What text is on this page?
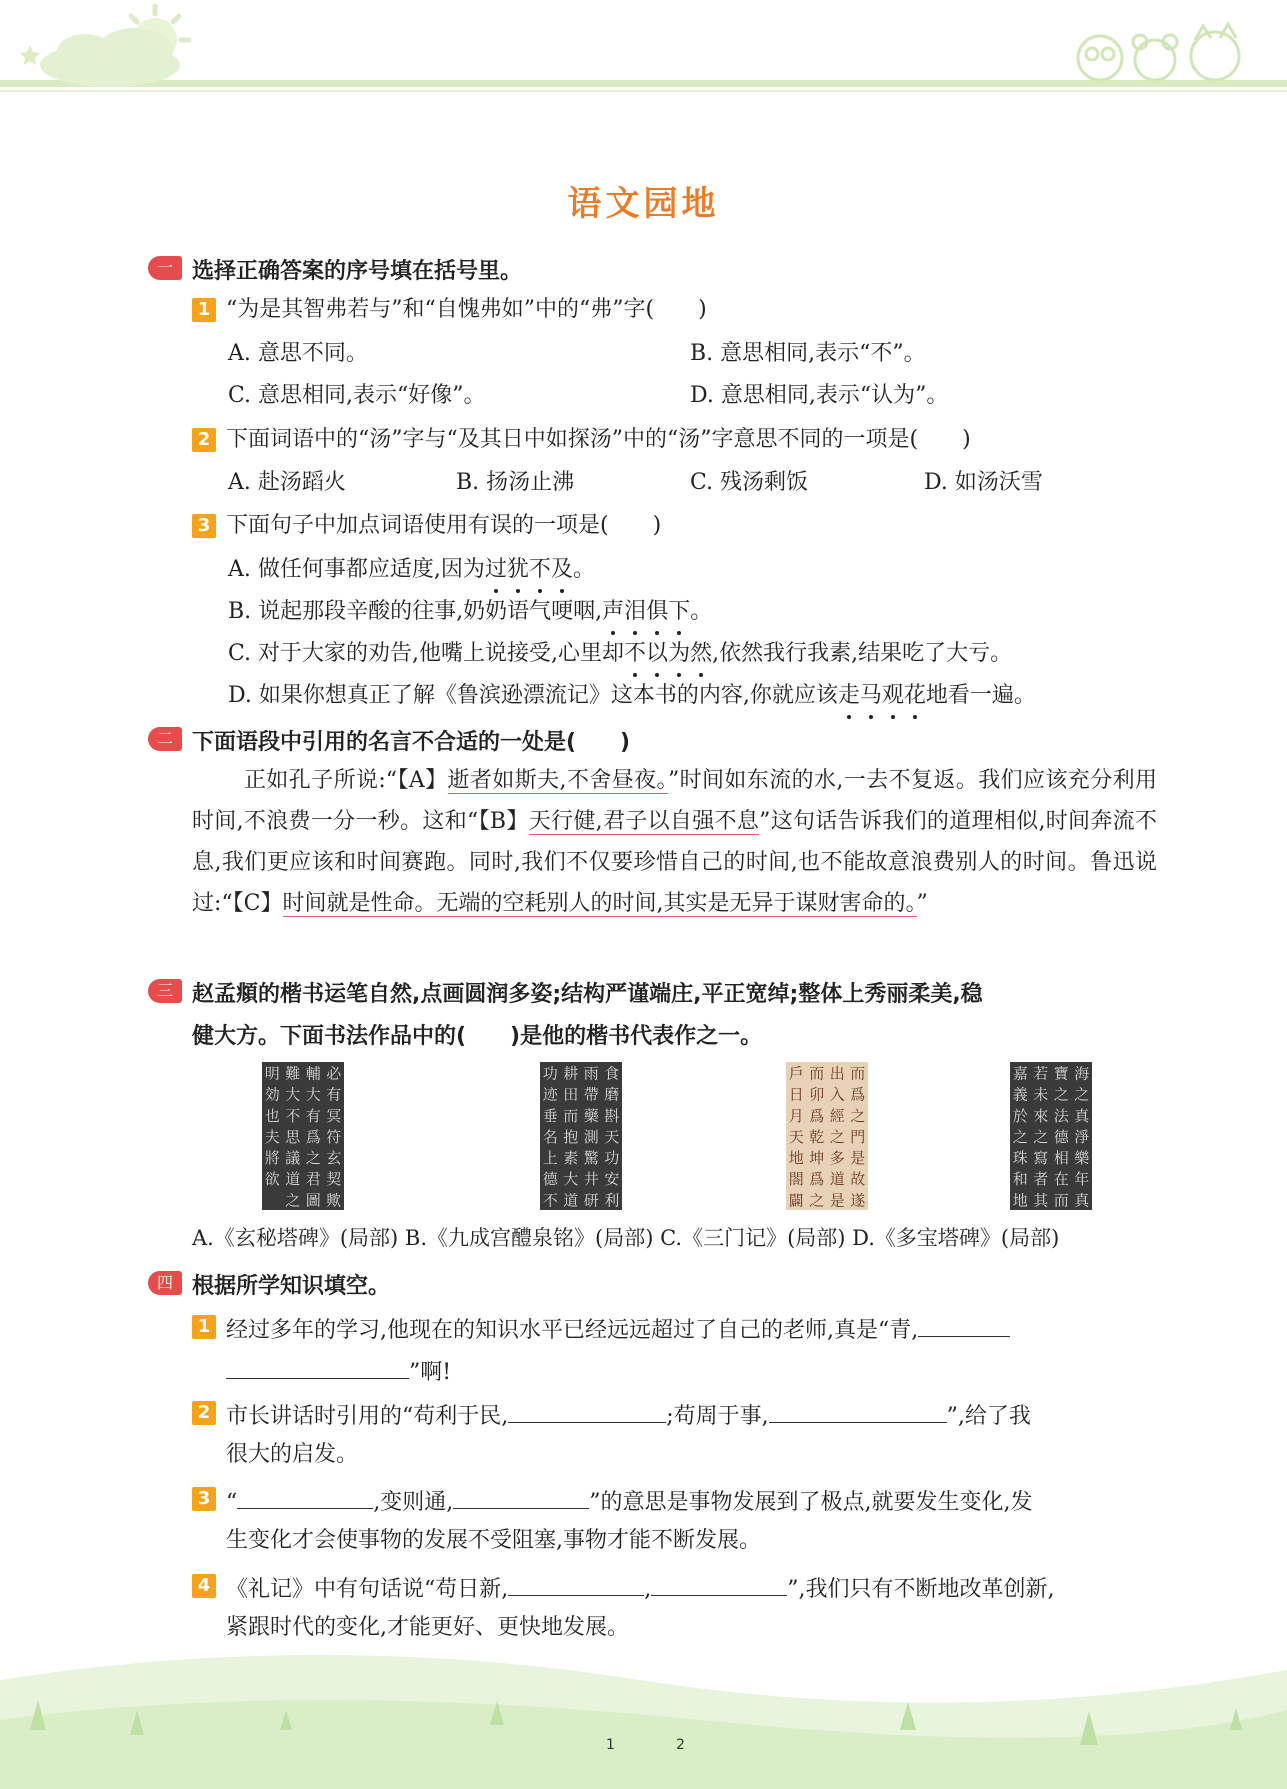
语文园地
一 选择正确答案的序号填在括号里。
1 “为是其智弗若与”和“自愧弗如”中的“弗”字(　　)
A. 意思不同。	B. 意思相同,表示“不”。
C. 意思相同,表示“好像”。	D. 意思相同,表示“认为”。
2 下面词语中的“汤”字与“及其日中如探汤”中的“汤”字意思不同的一项是(　　)
A. 赴汤蹈火	B. 扬汤止沸	C. 残汤剩饭	D. 如汤沃雪
3 下面句子中加点词语使用有误的一项是(　　)
A. 做任何事都应适度,因为过
犹
不
及
。
B. 说起那段辛酸的往事,奶奶语气哽咽,声
泪
俱
下
。
C. 对于大家的劝告,他嘴上说接受,心里却不
以
为
然
,依然我行我素,结果吃了大亏。
D. 如果你想真正了解《鲁滨逊漂流记》这本书的内容,你就应该走
马
观
花
地看一遍。
二 下面语段中引用的名言不合适的一处是(　　)
正如孔子所说:“【A】逝者如斯夫,不舍昼夜。”时间如东流的水,一去不复返。我们应该充分利用时间,不浪费一分一秒。这和“【B】天行健,君子以自强不息”这句话告诉我们的道理相似,时间奔流不息,我们更应该和时间赛跑。同时,我们不仅要珍惜自己的时间,也不能故意浪费别人的时间。鲁迅说过:“【C】时间就是性命。无端的空耗别人的时间,其实是无异于谋财害命的。”
三 赵孟頫的楷书运笔自然,点画圆润多姿;结构严谨端庄,平正宽绰;整体上秀丽柔美,稳
健大方。下面书法作品中的(　　)是他的楷书代表作之一。
必
有
冥
符
玄
契
歟
輔
大
有
爲
之
君
圖
難
大
不
思
議
道
之
明
効
也
夫
將
欲
食
磨
斟
天
功
安
利
雨
帶
藥
測
驚
井
研
耕
田
而
抱
素
大
道
功
迹
垂
名
上
德
不
而
爲
之
門
是
故
遂
出
入
經
之
多
道
是
而
卯
爲
乾
坤
爲
之
戶
日
月
天
地
閤
闢
海
之
真
淨
樂
年
真
寶
之
法
德
相
在
而
若
未
來
之
寫
者
其
嘉
義
於
之
珠
和
地
A.《玄秘塔碑》(局部) B.《九成宫醴泉铭》(局部) C.《三门记》(局部) D.《多宝塔碑》(局部)
四 根据所学知识填空。
1 经过多年的学习,他现在的知识水平已经远远超过了自己的老师,真是“青,
”啊!
2 市长讲话时引用的“苟利于民,	;苟周于事,	”,给了我
很大的启发。
3 “	,变则通,	”的意思是事物发展到了极点,就要发生变化,发
生变化才会使事物的发展不受阻塞,事物才能不断发展。
4 《礼记》中有句话说“苟日新,	,	”,我们只有不断地改革创新,
紧跟时代的变化,才能更好、更快地发展。
1	2
